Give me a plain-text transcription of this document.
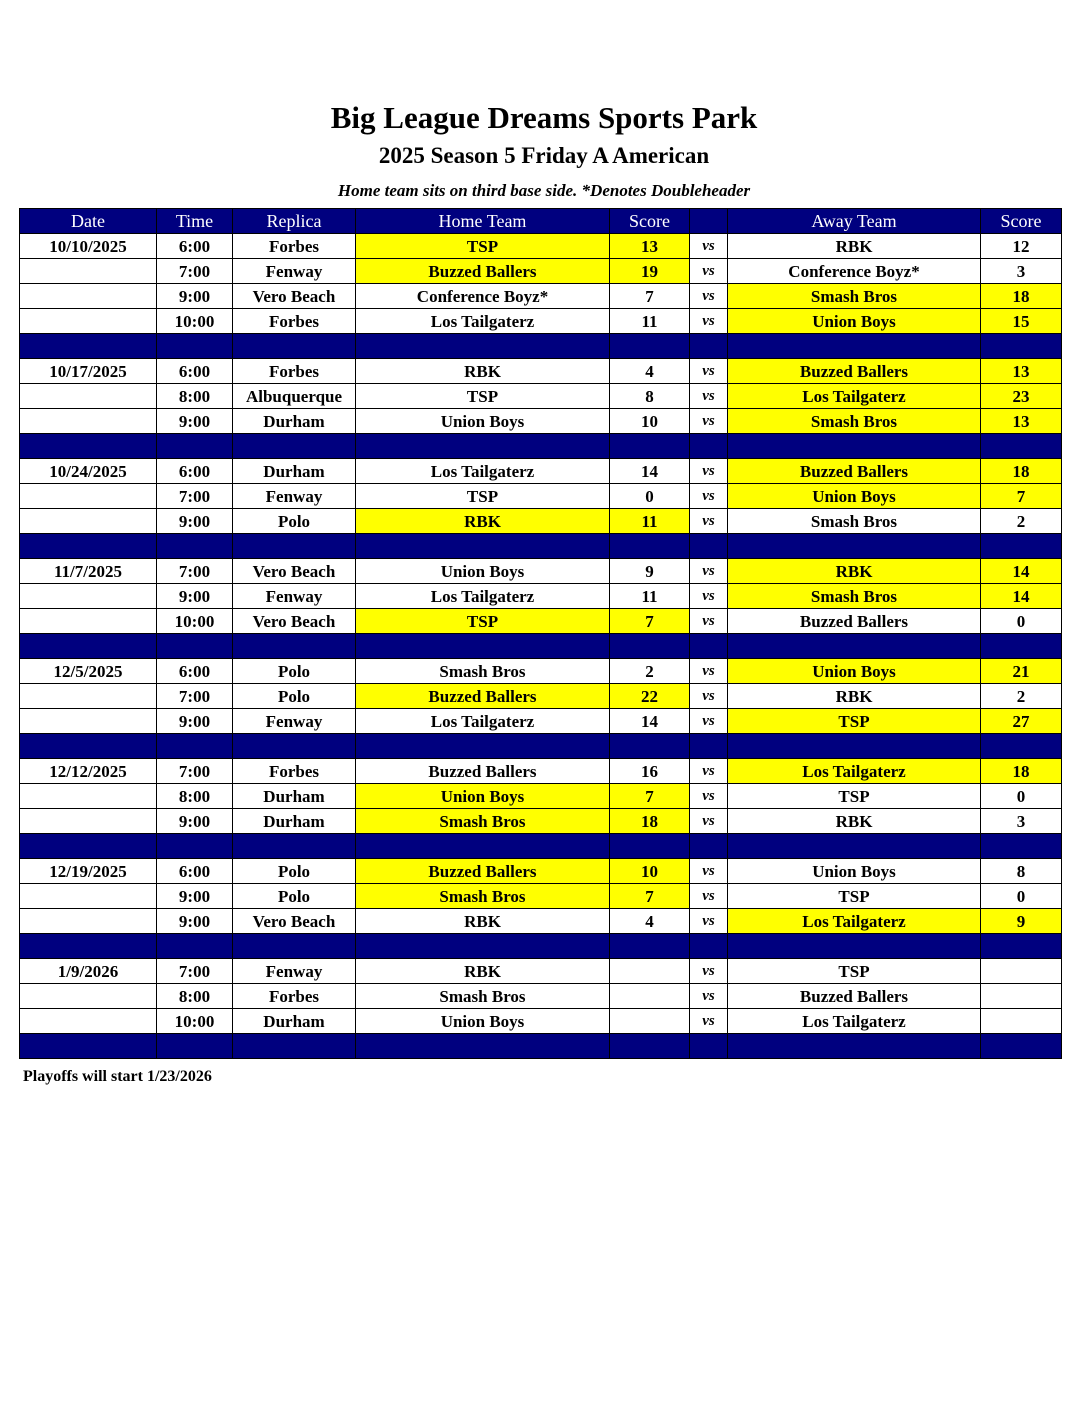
Big League Dreams Sports Park
2025 Season 5 Friday A American

Home team sits on third base side. *Denotes Doubleheader

Date	Time	Replica	Home Team	Score		Away Team	Score
10/10/2025	6:00	Forbes	TSP	13	vs	RBK	12
	7:00	Fenway	Buzzed Ballers	19	vs	Conference Boyz*	3
	9:00	Vero Beach	Conference Boyz*	7	vs	Smash Bros	18
	10:00	Forbes	Los Tailgaterz	11	vs	Union Boys	15

10/17/2025	6:00	Forbes	RBK	4	vs	Buzzed Ballers	13
	8:00	Albuquerque	TSP	8	vs	Los Tailgaterz	23
	9:00	Durham	Union Boys	10	vs	Smash Bros	13

10/24/2025	6:00	Durham	Los Tailgaterz	14	vs	Buzzed Ballers	18
	7:00	Fenway	TSP	0	vs	Union Boys	7
	9:00	Polo	RBK	11	vs	Smash Bros	2

11/7/2025	7:00	Vero Beach	Union Boys	9	vs	RBK	14
	9:00	Fenway	Los Tailgaterz	11	vs	Smash Bros	14
	10:00	Vero Beach	TSP	7	vs	Buzzed Ballers	0

12/5/2025	6:00	Polo	Smash Bros	2	vs	Union Boys	21
	7:00	Polo	Buzzed Ballers	22	vs	RBK	2
	9:00	Fenway	Los Tailgaterz	14	vs	TSP	27

12/12/2025	7:00	Forbes	Buzzed Ballers	16	vs	Los Tailgaterz	18
	8:00	Durham	Union Boys	7	vs	TSP	0
	9:00	Durham	Smash Bros	18	vs	RBK	3

12/19/2025	6:00	Polo	Buzzed Ballers	10	vs	Union Boys	8
	9:00	Polo	Smash Bros	7	vs	TSP	0
	9:00	Vero Beach	RBK	4	vs	Los Tailgaterz	9

1/9/2026	7:00	Fenway	RBK		vs	TSP	
	8:00	Forbes	Smash Bros		vs	Buzzed Ballers	
	10:00	Durham	Union Boys		vs	Los Tailgaterz	

Playoffs will start 1/23/2026
